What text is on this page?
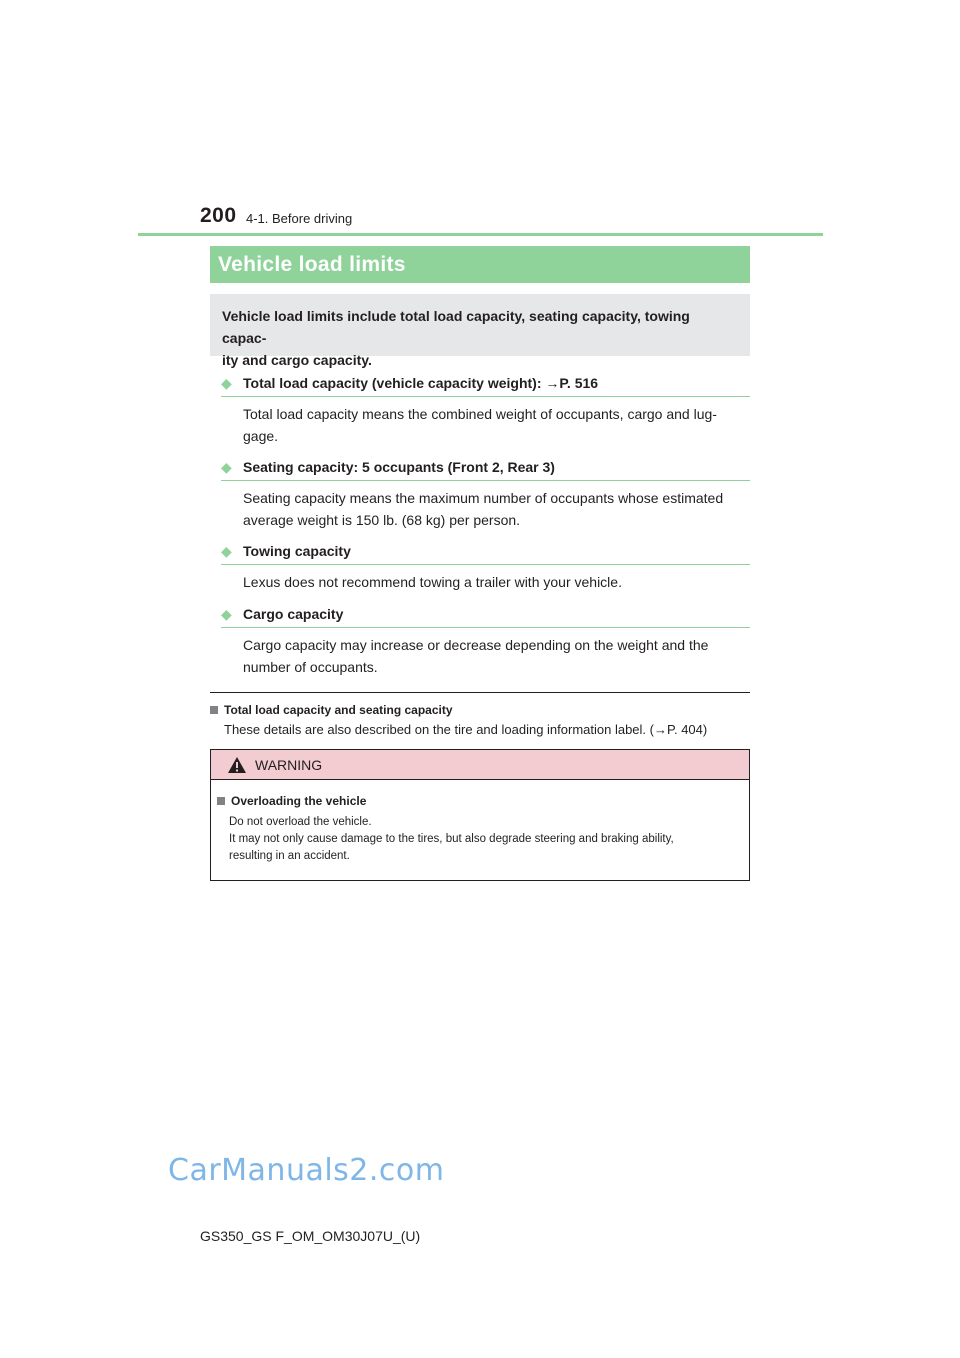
200 4-1. Before driving
Vehicle load limits
Vehicle load limits include total load capacity, seating capacity, towing capac-
ity and cargo capacity.
◆ Total load capacity (vehicle capacity weight): →P. 516
Total load capacity means the combined weight of occupants, cargo and lug-
gage.
◆ Seating capacity: 5 occupants (Front 2, Rear 3)
Seating capacity means the maximum number of occupants whose estimated
average weight is 150 lb. (68 kg) per person.
◆ Towing capacity
Lexus does not recommend towing a trailer with your vehicle.
◆ Cargo capacity
Cargo capacity may increase or decrease depending on the weight and the
number of occupants.
Total load capacity and seating capacity
These details are also described on the tire and loading information label. (→P. 404)
WARNING
Overloading the vehicle
Do not overload the vehicle.
It may not only cause damage to the tires, but also degrade steering and braking ability,
resulting in an accident.
CarManuals2.com
GS350_GS F_OM_OM30J07U_(U)
